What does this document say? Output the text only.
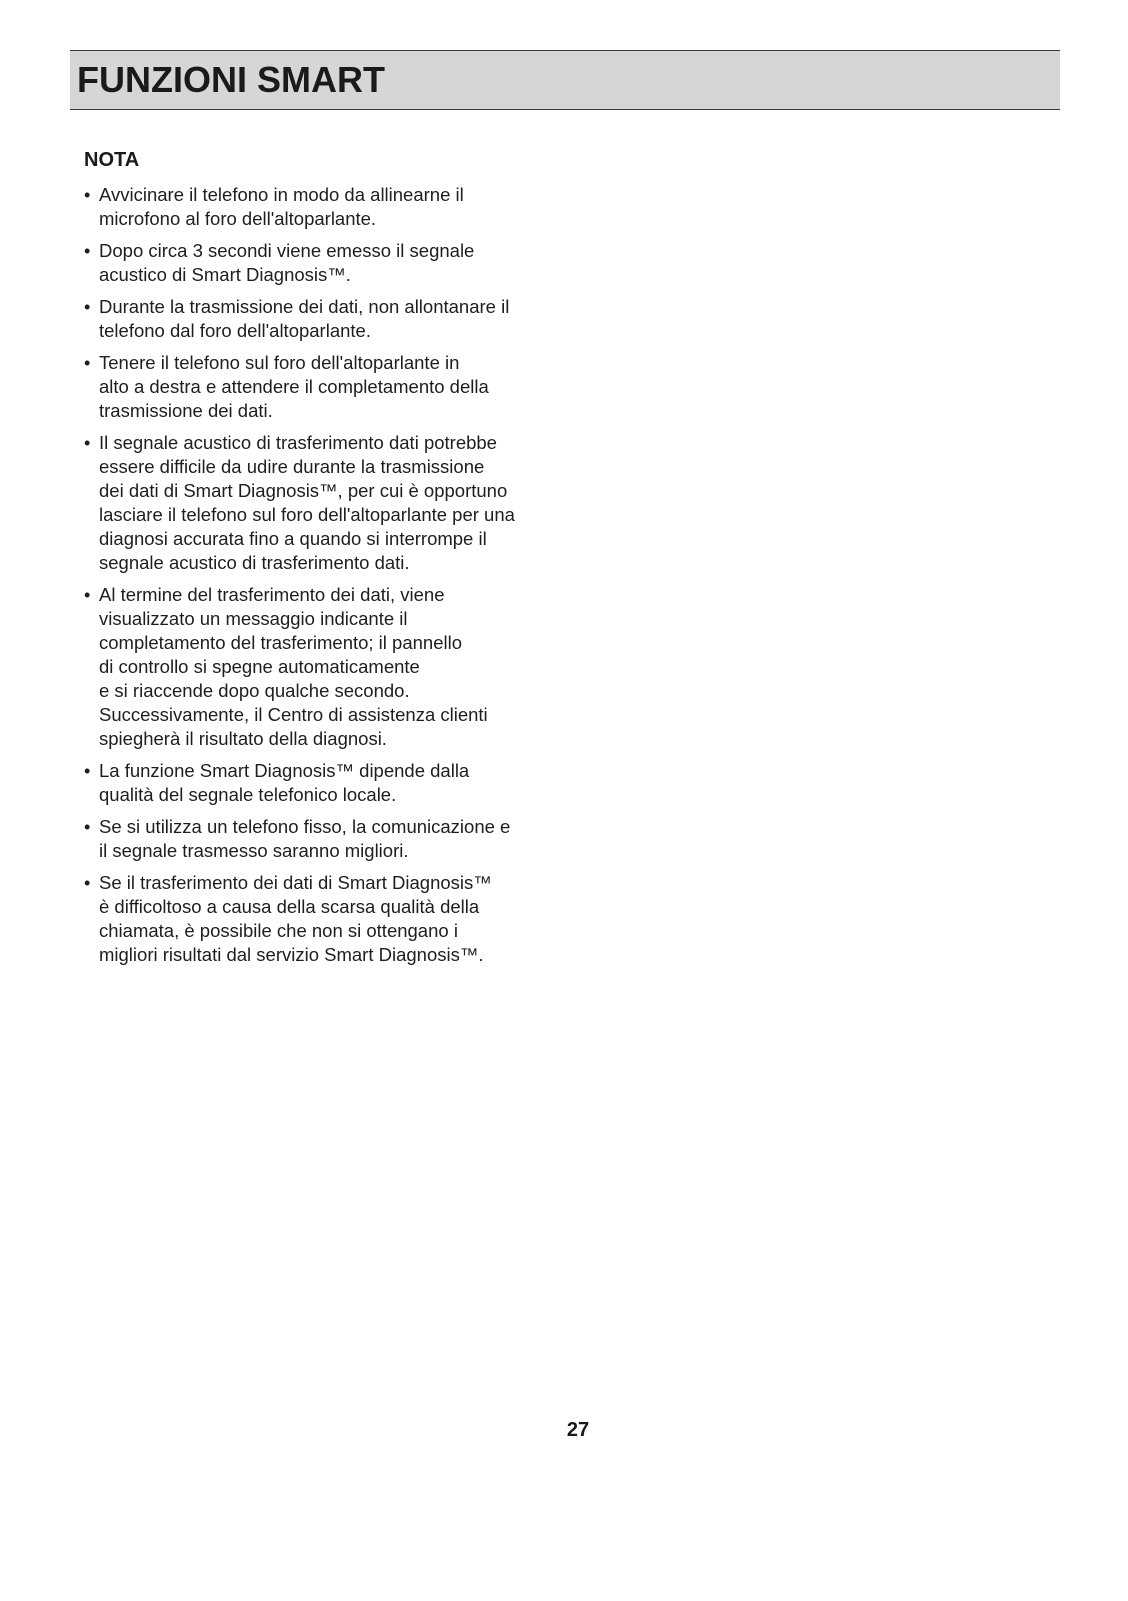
FUNZIONI SMART
NOTA
• Avvicinare il telefono in modo da allinearne il
microfono al foro dell'altoparlante.
• Dopo circa 3 secondi viene emesso il segnale
acustico di Smart Diagnosis™.
• Durante la trasmissione dei dati, non allontanare il
telefono dal foro dell'altoparlante.
• Tenere il telefono sul foro dell'altoparlante in
alto a destra e attendere il completamento della
trasmissione dei dati.
• Il segnale acustico di trasferimento dati potrebbe
essere difficile da udire durante la trasmissione
dei dati di Smart Diagnosis™, per cui è opportuno
lasciare il telefono sul foro dell'altoparlante per una
diagnosi accurata fino a quando si interrompe il
segnale acustico di trasferimento dati.
• Al termine del trasferimento dei dati, viene
visualizzato un messaggio indicante il
completamento del trasferimento; il pannello
di controllo si spegne automaticamente
e si riaccende dopo qualche secondo.
Successivamente, il Centro di assistenza clienti
spiegherà il risultato della diagnosi.
• La funzione Smart Diagnosis™ dipende dalla
qualità del segnale telefonico locale.
• Se si utilizza un telefono fisso, la comunicazione e
il segnale trasmesso saranno migliori.
• Se il trasferimento dei dati di Smart Diagnosis™
è difficoltoso a causa della scarsa qualità della
chiamata, è possibile che non si ottengano i
migliori risultati dal servizio Smart Diagnosis™.
27
